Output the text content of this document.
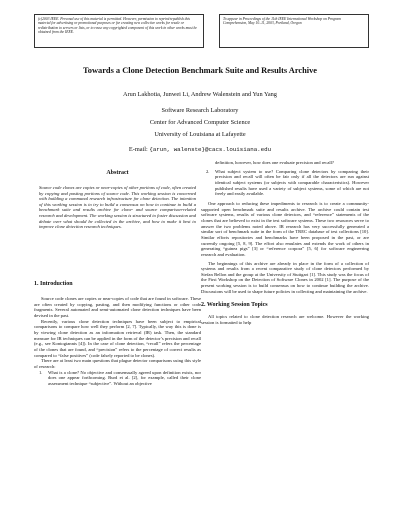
(c)2003 IEEE. Personal use of this material is permitted. However, permission to reprint/republish this material for advertising or promotional purposes or for creating new collective works for resale or redistribution to servers or lists, or to reuse any copyrighted component of this work in other works must be obtained from the IEEE.
To appear in Proceedings of the 11th IEEE International Workshop on Program Comprehension, May 10–11, 2003, Portland, Oregon
Towards a Clone Detection Benchmark Suite and Results Archive
Arun Lakhotia, Junwei Li, Andrew Walenstein and Yun Yang
Software Research Laboratory
Center for Advanced Computer Science
University of Louisiana at Lafayette
E-mail: {arun, walenste}@cacs.louisiana.edu
Abstract
Source code clones are copies or near-copies of other portions of code, often created by copying and pasting portions of source code. This working session is concerned with building a communal research infrastructure for clone detection. The intention of this working session is to try to build a consensus on how to continue to build a benchmark suite and results archive for clone- and source comparison-related research and development. The working session is structured to foster discussion and debate over what should be collected in the archive, and how to make it best to improve clone detection research techniques.
1. Introduction

Source code clones are copies or near-copies of code that are found in software. These are often created by copying, pasting, and then modifying functions or other code fragments. Several automated and semi-automated clone detection techniques have been devised in the past.

Recently, various clone detection techniques have been subject to empirical comparisons to compare how well they perform [2, 7]. Typically, the way this is done is by viewing clone detection as an information retrieval (IR) task. Then, the standard measure for IR techniques can be applied in the form of the detector’s precision and recall (e.g., see Kontogiannis [4]). In the case of clone detection, “recall” refers the percentage of the clones that are found, and “precision” refers to the percentage of correct results as compared to “false positives” (code falsely reported to be clones).

There are at least two main questions that plague detector comparisons using this style of research:

1. What is a clone? No objective and consensually agreed upon definition exists, nor does one appear forthcoming. Burd et al. [2], for example, called their clone assessment technique “subjective”. Without an objective
definition, however, how does one evaluate precision and recall?
2. What subject system to use? Comparing clone detectors by comparing their precision and recall will often be fair only if all the detectors are run against identical subject systems (or subjects with comparable characteristics). However published results have used a variety of subject systems, some of which are not freely and easily available.

One approach to reducing these impediments to research is to create a community-supported open benchmark suite and results archive. The archive could contain test software systems, results of various clone detectors, and “reference” statements of the clones that are believed to exist in the test software systems. These two resources serve to answer the two problems noted above. IR research has very successfully generated a similar sort of benchmark suite in the form of the TREC database of test collections [10]. Similar efforts repositories and benchmarks have been proposed in the past, or are currently ongoing [5, 8, 9]. The effort also emulates and extends the work of others in generating “guinea pigs” [3] or “reference corpora” [5, 6] for software engineering research and evaluation.

The beginnings of this archive are already in place in the form of a collection of systems and results from a recent comparative study of clone detectors performed by Stefan Bellon and the group at the University of Stuttgart [1]. This study was the focus of the First Workshop on the Detection of Software Clones in 2002 [1]. The purpose of the present working session is to build consensus on how to continue building the archive. Discussions will be used to shape future policies in collecting and maintaining the archive.

2. Working Session Topics

All topics related to clone detection research are welcome. However the working session is formatted to help
